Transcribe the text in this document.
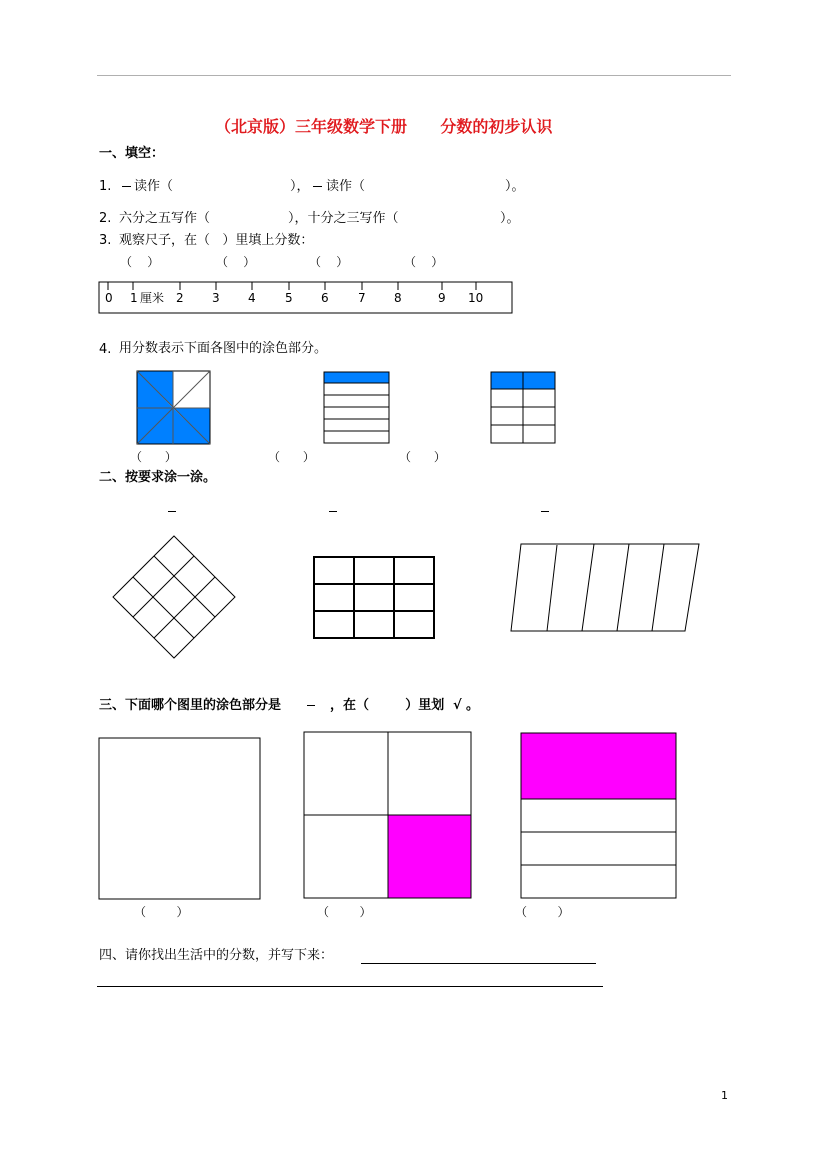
（北京版）三年级数学下册      分数的初步认识
一、填空：
1. 读作（	）， 读作（	）。
2. 六分之五写作（	），十分之三写作（	）。
3. 观察尺子，在（   ）里填上分数：
（    ）	（    ）	（    ）	（    ）
0 1 厘米 2 3 4 5 6 7 8	9 10
4. 用分数表示下面各图中的涂色部分。
（      ）	（      ）	（      ）
二、按要求涂一涂。
三、下面哪个图里的涂色部分是	，在（        ）里划 √ 。
（        ）	（        ）	（        ）
四、请你找出生活中的分数，并写下来：
1
